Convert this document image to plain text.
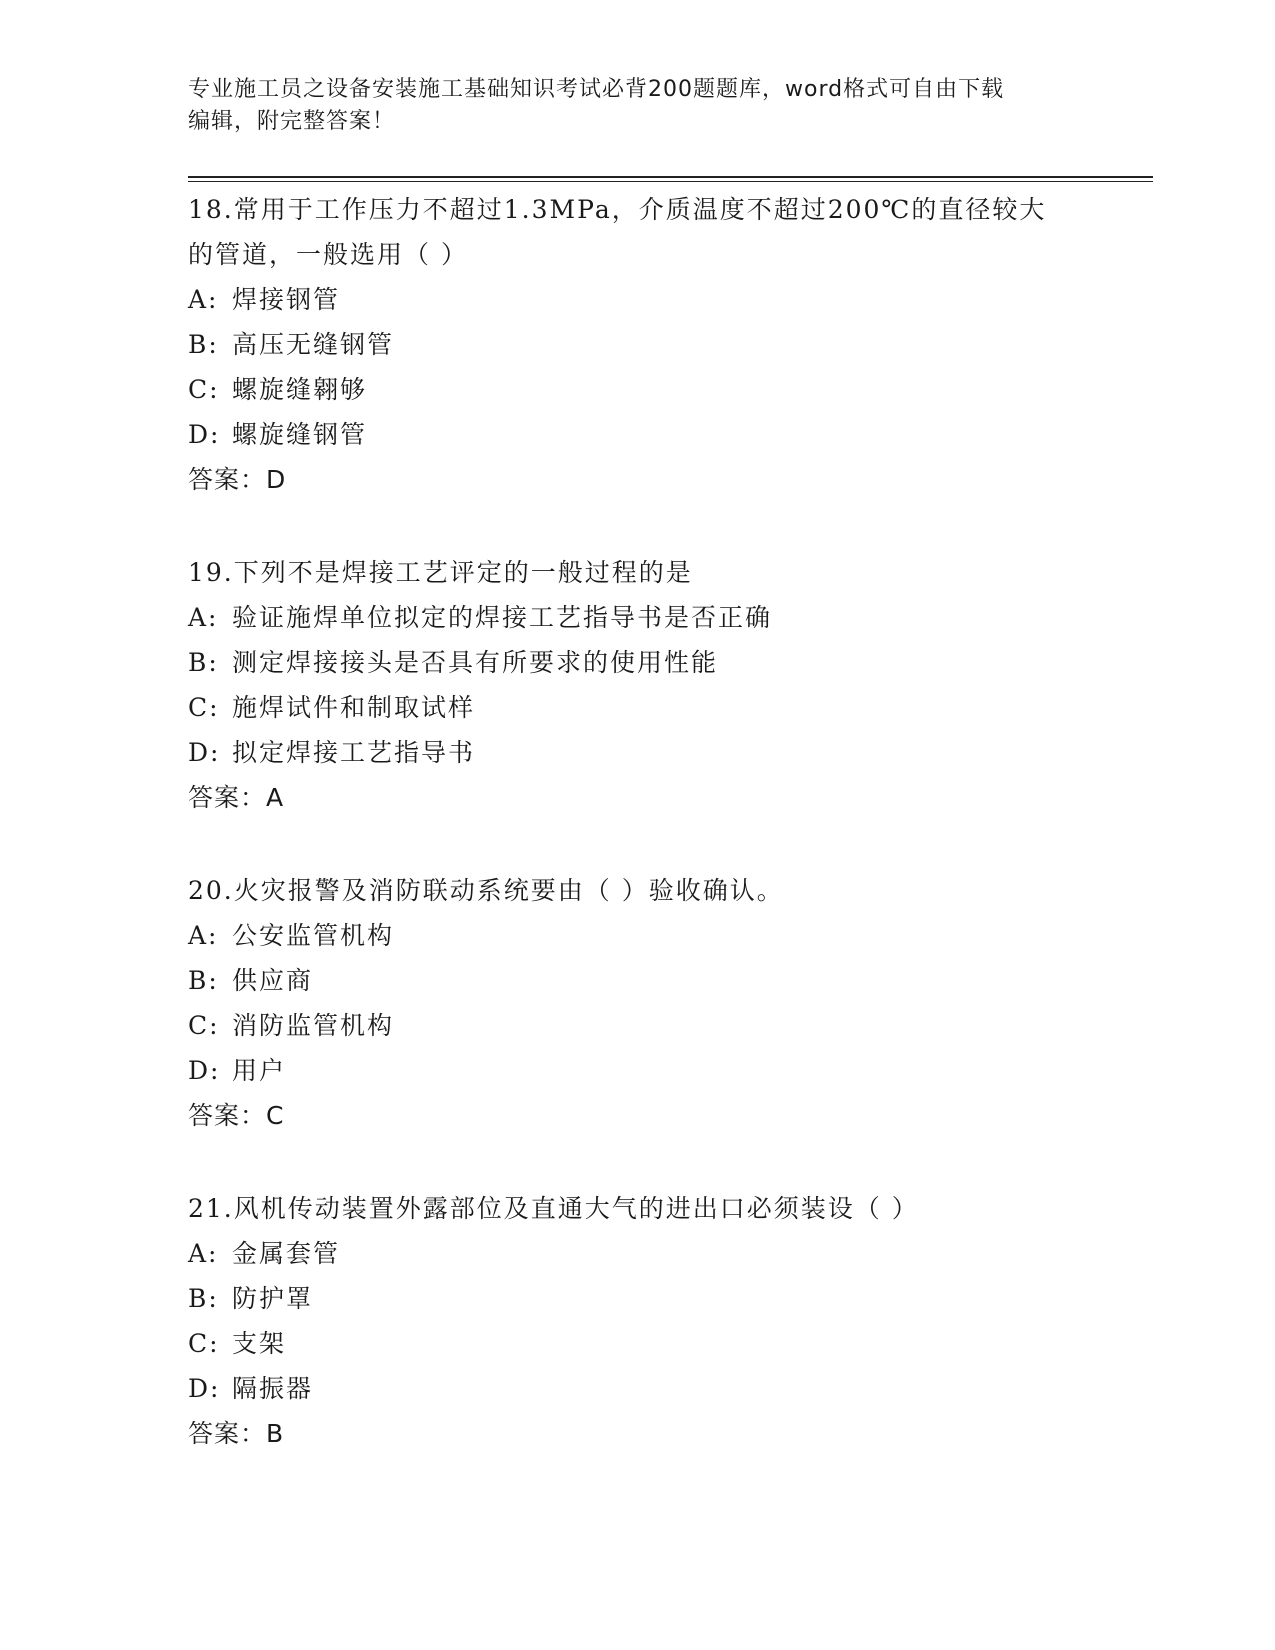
专业施工员之设备安装施工基础知识考试必背200题题库，word格式可自由下载
编辑，附完整答案！

18.常用于工作压力不超过1.3MPa，介质温度不超过200℃的直径较大

的管道，一般选用（ ）

A: 焊接钢管

B: 高压无缝钢管

C: 螺旋缝翱够

D: 螺旋缝钢管

答案：D

19.下列不是焊接工艺评定的一般过程的是

A: 验证施焊单位拟定的焊接工艺指导书是否正确

B: 测定焊接接头是否具有所要求的使用性能

C: 施焊试件和制取试样

D: 拟定焊接工艺指导书

答案：A

20.火灾报警及消防联动系统要由（ ）验收确认。

A: 公安监管机构

B: 供应商

C: 消防监管机构

D: 用户

答案：C

21.风机传动装置外露部位及直通大气的进出口必须装设（ ）

A: 金属套管

B: 防护罩

C: 支架

D: 隔振器

答案：B
